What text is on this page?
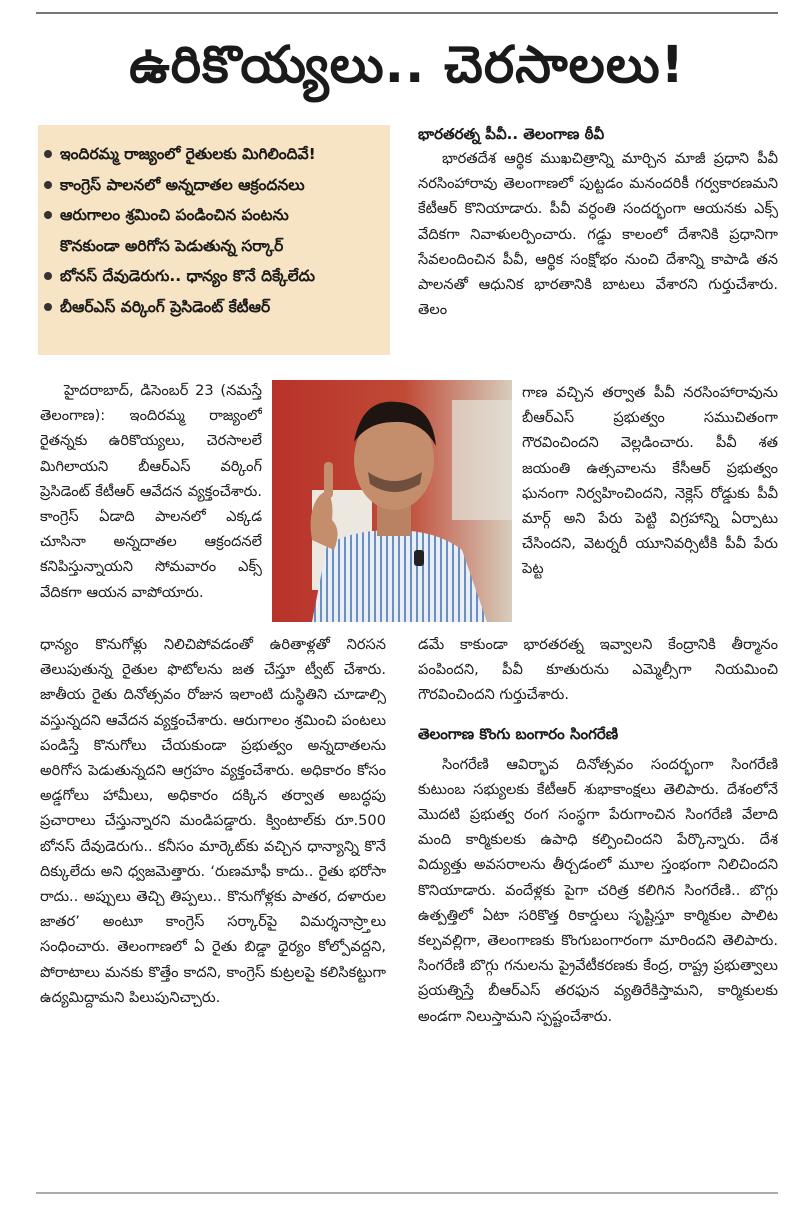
ఉరికొయ్యలు.. చెరసాలలు!
ఇందిరమ్మ రాజ్యంలో రైతులకు మిగిలిందివే!
కాంగ్రెస్ పాలనలో అన్నదాతల ఆక్రందనలు
ఆరుగాలం శ్రమించి పండించిన పంటను
కొనకుండా అరిగోస పెడుతున్న సర్కార్
బోనస్ దేవుడెరుగు.. ధాన్యం కొనే దిక్కేలేదు
బీఆర్ఎస్ వర్కింగ్ ప్రెసిడెంట్ కేటీఆర్

హైదరాబాద్, డిసెంబర్ 23 (నమస్తే తెలంగాణ): ఇందిరమ్మ రాజ్యంలో రైతన్నకు ఉరికొయ్యలు, చెరసాలలే మిగిలాయని బీఆర్ఎస్ వర్కింగ్ ప్రెసిడెంట్ కేటీఆర్ ఆవేదన వ్యక్తంచేశారు. కాంగ్రెస్ ఏడాది పాలనలో ఎక్కడ చూసినా అన్నదాతల ఆక్రందనలే కనిపిస్తున్నాయని సోమవారం ఎక్స్ వేదికగా ఆయన వాపోయారు.

ధాన్యం కొనుగోళ్లు నిలిచిపోవడంతో ఉరితాళ్లతో నిరసన తెలుపుతున్న రైతుల ఫొటోలను జత చేస్తూ ట్వీట్ చేశారు. జాతీయ రైతు దినోత్సవం రోజున ఇలాంటి దుస్థితిని చూడాల్సి వస్తున్నదని ఆవేదన వ్యక్తంచేశారు. ఆరుగాలం శ్రమించి పంటలు పండిస్తే కొనుగోలు చేయకుండా ప్రభుత్వం అన్నదాతలను అరిగోస పెడుతున్నదని ఆగ్రహం వ్యక్తంచేశారు. అధికారం కోసం అడ్డగోలు హామీలు, అధికారం దక్కిన తర్వాత అబద్ధపు ప్రచారాలు చేస్తున్నారని మండిపడ్డారు. క్వింటాల్‌కు రూ.500 బోనస్ దేవుడెరుగు.. కనీసం మార్కెట్‌కు వచ్చిన ధాన్యాన్ని కొనే దిక్కులేదు అని ధ్వజమెత్తారు. ‘రుణమాఫీ కాదు.. రైతు భరోసా రాదు.. అప్పులు తెచ్చి తిప్పలు.. కొనుగోళ్లకు పాతర, దళారుల జాతర’ అంటూ కాంగ్రెస్ సర్కార్‌పై విమర్శనాస్ర్తాలు సంధించారు. తెలంగాణలో ఏ రైతు బిడ్డా ధైర్యం కోల్పోవద్దని, పోరాటాలు మనకు కొత్తేం కాదని, కాంగ్రెస్ కుట్రలపై కలిసికట్టుగా ఉద్యమిద్దామని పిలుపునిచ్చారు.

భారతరత్న పీవీ.. తెలంగాణ ఠీవీ

భారతదేశ ఆర్థిక ముఖచిత్రాన్ని మార్చిన మాజీ ప్రధాని పీవీ నరసింహారావు తెలంగాణలో పుట్టడం మనందరికీ గర్వకారణమని కేటీఆర్ కొనియాడారు. పీవీ వర్ధంతి సందర్భంగా ఆయనకు ఎక్స్ వేదికగా నివాళులర్పించారు. గడ్డు కాలంలో దేశానికి ప్రధానిగా సేవలందించిన పీవీ, ఆర్థిక సంక్షోభం నుంచి దేశాన్ని కాపాడి తన పాలనతో ఆధునిక భారతానికి బాటలు వేశారని గుర్తుచేశారు. తెలం

గాణ వచ్చిన తర్వాత పీవీ నరసింహారావును బీఆర్ఎస్ ప్రభుత్వం సముచితంగా గౌరవించిందని వెల్లడించారు. పీవీ శత జయంతి ఉత్సవాలను కేసీఆర్ ప్రభుత్వం ఘనంగా నిర్వహించిందని, నెక్లెస్ రోడ్డుకు పీవీ మార్గ్ అని పేరు పెట్టి విగ్రహాన్ని ఏర్పాటు చేసిందని, వెటర్నరీ యూనివర్సిటీకి పీవీ పేరు పెట్ట

డమే కాకుండా భారతరత్న ఇవ్వాలని కేంద్రానికి తీర్మానం పంపిందని, పీవీ కూతురును ఎమ్మెల్సీగా నియమించి గౌరవించిందని గుర్తుచేశారు.

తెలంగాణ కొంగు బంగారం సింగరేణి

సింగరేణి ఆవిర్భావ దినోత్సవం సందర్భంగా సింగరేణి కుటుంబ సభ్యులకు కేటీఆర్ శుభాకాంక్షలు తెలిపారు. దేశంలోనే మొదటి ప్రభుత్వ రంగ సంస్థగా పేరుగాంచిన సింగరేణి వేలాది మంది కార్మికులకు ఉపాధి కల్పించిందని పేర్కొన్నారు. దేశ విద్యుత్తు అవసరాలను తీర్చడంలో మూల స్తంభంగా నిలిచిందని కొనియాడారు. వందేళ్లకు పైగా చరిత్ర కలిగిన సింగరేణి.. బొగ్గు ఉత్పత్తిలో ఏటా సరికొత్త రికార్డులు సృష్టిస్తూ కార్మికుల పాలిట కల్పవల్లిగా, తెలంగాణకు కొంగుబంగారంగా మారిందని తెలిపారు. సింగరేణి బొగ్గు గనులను ప్రైవేటీకరణకు కేంద్ర, రాష్ట్ర ప్రభుత్వాలు ప్రయత్నిస్తే బీఆర్ఎస్ తరఫున వ్యతిరేకిస్తామని, కార్మికులకు అండగా నిలుస్తామని స్పష్టంచేశారు.
